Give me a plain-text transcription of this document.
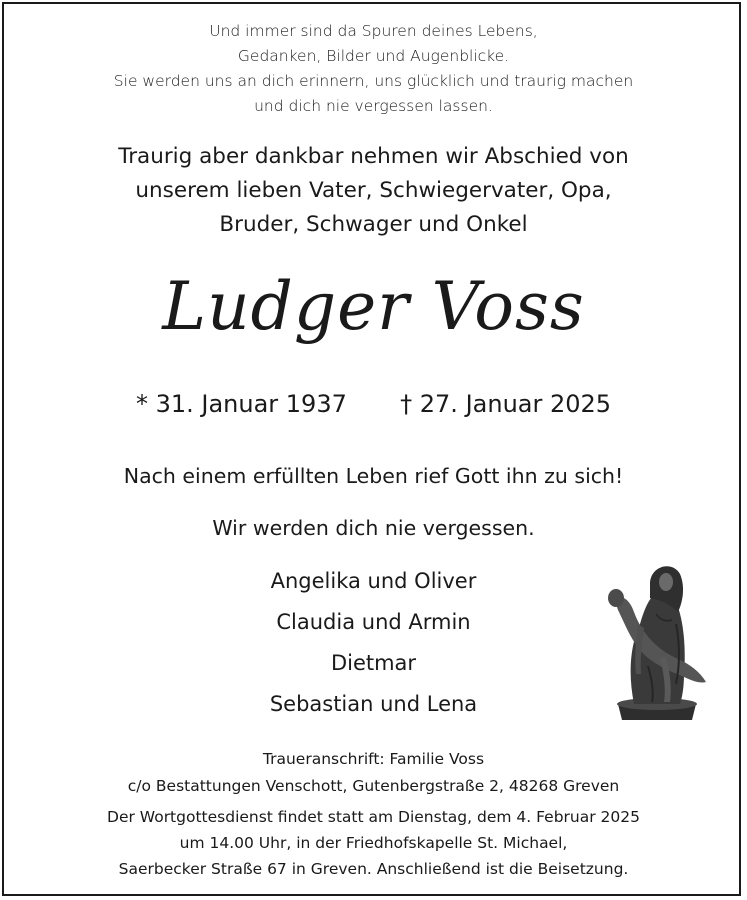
Und immer sind da Spuren deines Lebens,
Gedanken, Bilder und Augenblicke.
Sie werden uns an dich erinnern, uns glücklich und traurig machen
und dich nie vergessen lassen.
Traurig aber dankbar nehmen wir Abschied von
unserem lieben Vater, Schwiegervater, Opa,
Bruder, Schwager und Onkel
Ludger Voss
* 31. Januar 1937 † 27. Januar 2025
Nach einem erfüllten Leben rief Gott ihn zu sich!
Wir werden dich nie vergessen.
Angelika und Oliver
Claudia und Armin
Dietmar
Sebastian und Lena
Traueranschrift: Familie Voss
c/o Bestattungen Venschott, Gutenbergstraße 2, 48268 Greven
Der Wortgottesdienst findet statt am Dienstag, dem 4. Februar 2025
um 14.00 Uhr, in der Friedhofskapelle St. Michael,
Saerbecker Straße 67 in Greven. Anschließend ist die Beisetzung.
